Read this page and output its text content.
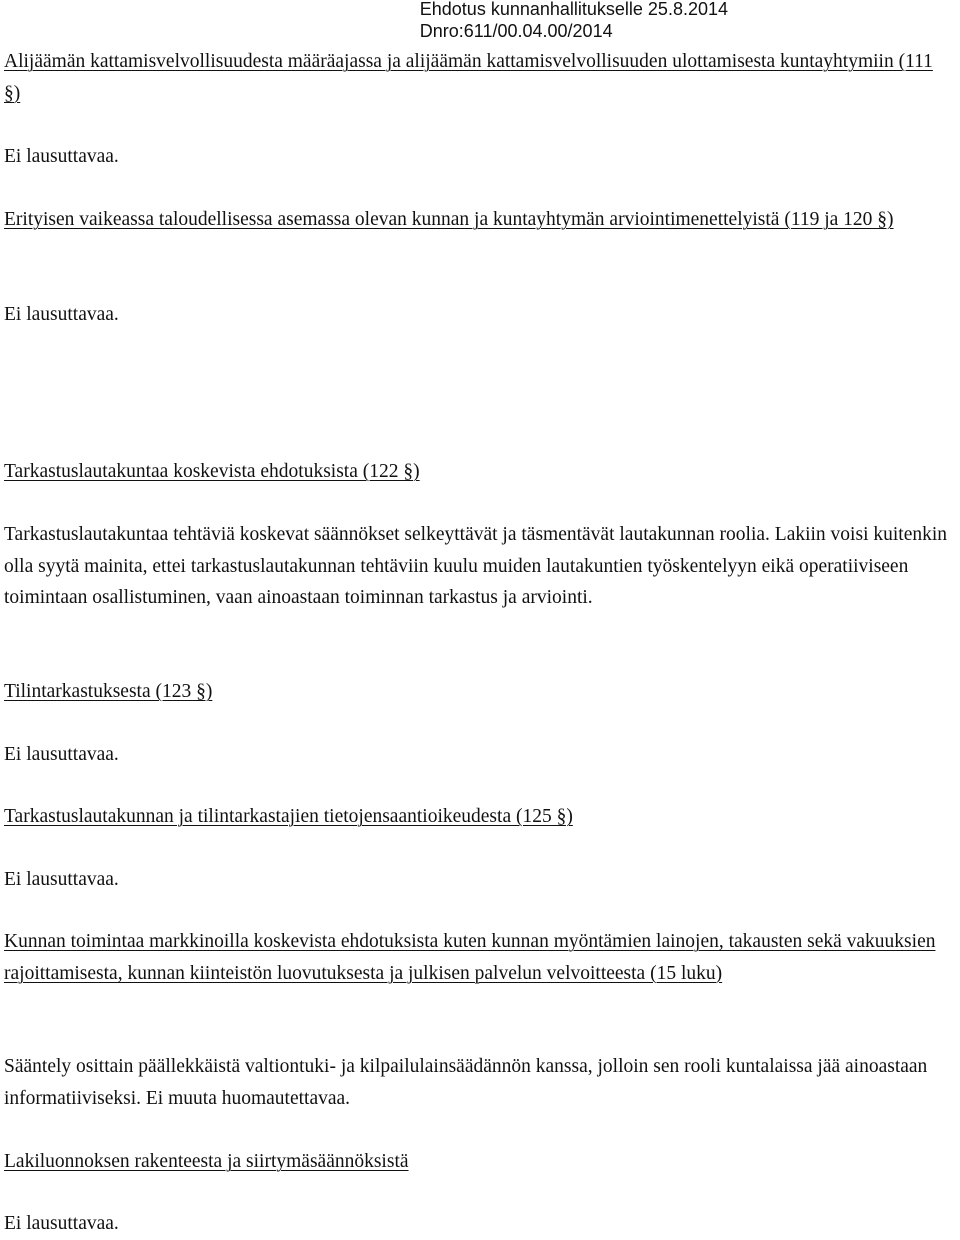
Ehdotus kunnanhallitukselle 25.8.2014
Dnro:611/00.04.00/2014
Alijäämän kattamisvelvollisuudesta määräajassa ja alijäämän kattamisvelvollisuuden ulottamisesta kuntayhtymiin (111 §)
Ei lausuttavaa.
Erityisen vaikeassa taloudellisessa asemassa olevan kunnan ja kuntayhtymän arviointimenettelyistä (119 ja 120 §)
Ei lausuttavaa.
Tarkastuslautakuntaa koskevista ehdotuksista (122 §)
Tarkastuslautakuntaa tehtäviä koskevat säännökset selkeyttävät ja täsmentävät lautakunnan roolia. Lakiin voisi kuitenkin olla syytä mainita, ettei tarkastuslautakunnan tehtäviin kuulu muiden lautakuntien työskentelyyn eikä operatiiviseen toimintaan osallistuminen, vaan ainoastaan toiminnan tarkastus ja arviointi.
Tilintarkastuksesta (123 §)
Ei lausuttavaa.
Tarkastuslautakunnan ja tilintarkastajien tietojensaantioikeudesta (125 §)
Ei lausuttavaa.
Kunnan toimintaa markkinoilla koskevista ehdotuksista kuten kunnan myöntämien lainojen, takausten sekä vakuuksien rajoittamisesta, kunnan kiinteistön luovutuksesta ja julkisen palvelun velvoitteesta (15 luku)
Sääntely osittain päällekkäistä valtiontuki- ja kilpailulainsäädännön kanssa, jolloin sen rooli kuntalaissa jää ainoastaan informatiiviseksi. Ei muuta huomautettavaa.
Lakiluonnoksen rakenteesta ja siirtymäsäännöksistä
Ei lausuttavaa.
